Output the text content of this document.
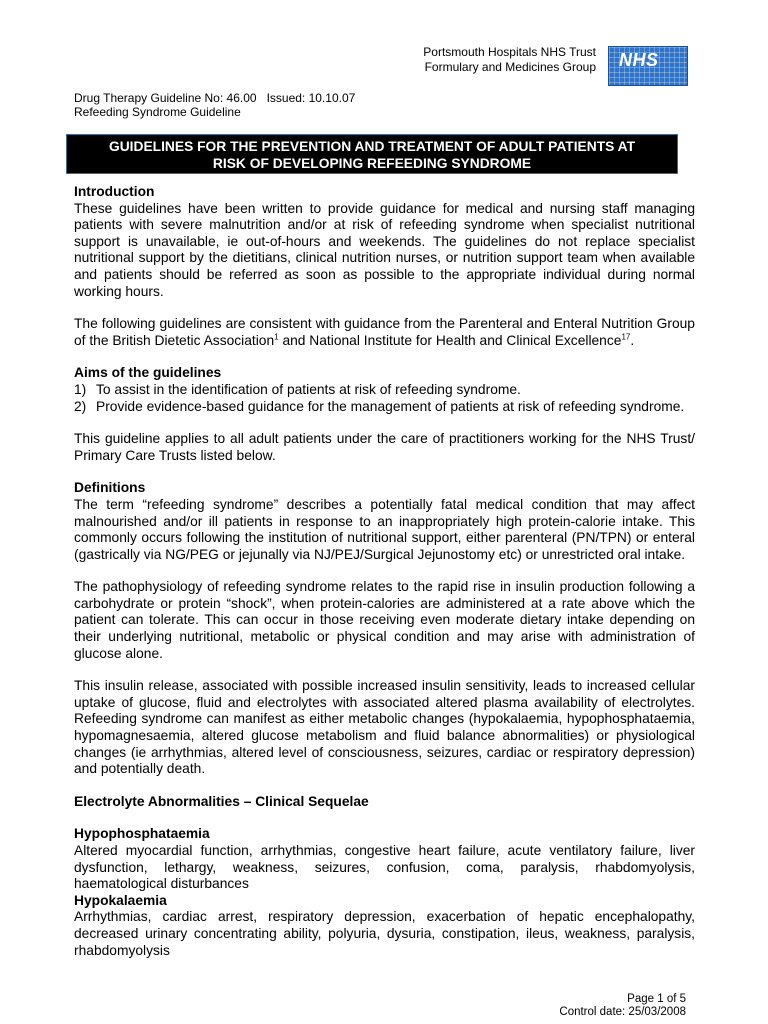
Portsmouth Hospitals NHS Trust
Formulary and Medicines Group NHS
Drug Therapy Guideline No: 46.00 Issued: 10.10.07
Refeeding Syndrome Guideline
GUIDELINES FOR THE PREVENTION AND TREATMENT OF ADULT PATIENTS AT
RISK OF DEVELOPING REFEEDING SYNDROME
Introduction

These guidelines have been written to provide guidance for medical and nursing staff managing patients with severe malnutrition and/or at risk of refeeding syndrome when specialist nutritional support is unavailable, ie out-of-hours and weekends. The guidelines do not replace specialist nutritional support by the dietitians, clinical nutrition nurses, or nutrition support team when available and patients should be referred as soon as possible to the appropriate individual during normal working hours.

The following guidelines are consistent with guidance from the Parenteral and Enteral Nutrition Group of the British Dietetic Association$^1$ and National Institute for Health and Clinical Excellence$^{17}$.

Aims of the guidelines
1) To assist in the identification of patients at risk of refeeding syndrome.
2) Provide evidence-based guidance for the management of patients at risk of refeeding syndrome.

This guideline applies to all adult patients under the care of practitioners working for the NHS Trust/ Primary Care Trusts listed below.

Definitions

The term “refeeding syndrome” describes a potentially fatal medical condition that may affect malnourished and/or ill patients in response to an inappropriately high protein-calorie intake. This commonly occurs following the institution of nutritional support, either parenteral (PN/TPN) or enteral (gastrically via NG/PEG or jejunally via NJ/PEJ/Surgical Jejunostomy etc) or unrestricted oral intake.

The pathophysiology of refeeding syndrome relates to the rapid rise in insulin production following a carbohydrate or protein “shock”, when protein-calories are administered at a rate above which the patient can tolerate. This can occur in those receiving even moderate dietary intake depending on their underlying nutritional, metabolic or physical condition and may arise with administration of glucose alone.

This insulin release, associated with possible increased insulin sensitivity, leads to increased cellular uptake of glucose, fluid and electrolytes with associated altered plasma availability of electrolytes. Refeeding syndrome can manifest as either metabolic changes (hypokalaemia, hypophosphataemia, hypomagnesaemia, altered glucose metabolism and fluid balance abnormalities) or physiological changes (ie arrhythmias, altered level of consciousness, seizures, cardiac or respiratory depression) and potentially death.

Electrolyte Abnormalities – Clinical Sequelae
Hypophosphataemia

Altered myocardial function, arrhythmias, congestive heart failure, acute ventilatory failure, liver dysfunction, lethargy, weakness, seizures, confusion, coma, paralysis, rhabdomyolysis, haematological disturbances

Hypokalaemia

Arrhythmias, cardiac arrest, respiratory depression, exacerbation of hepatic encephalopathy, decreased urinary concentrating ability, polyuria, dysuria, constipation, ileus, weakness, paralysis, rhabdomyolysis

Page 1 of 5
Control date: 25/03/2008
